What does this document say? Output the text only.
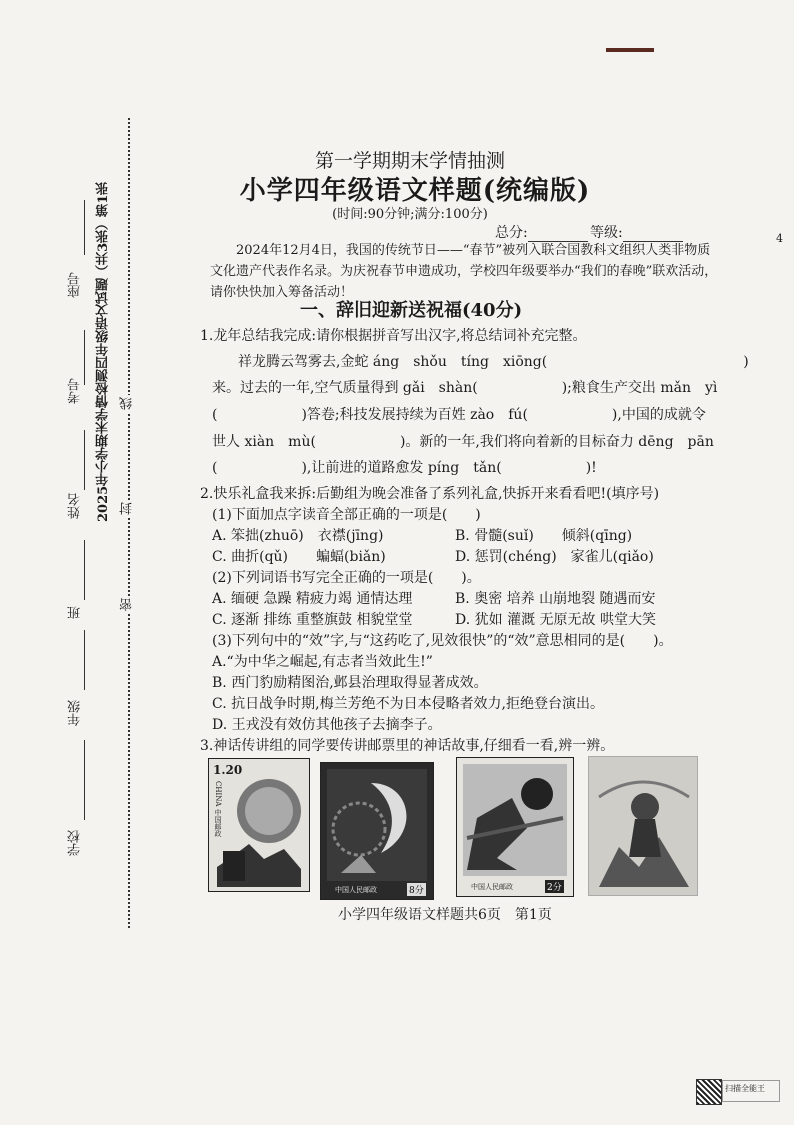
2025年小学期末学情检测四年级语文试题（共3张）第1张 线
封
密
座号
考号
姓名
班
年级
学校
第一学期期末学情抽测
小学四年级语文样题(统编版)
(时间:90分钟;满分:100分)
总分:	等级:	4
2024年12月4日，我国的传统节日——“春节”被列入联合国教科文组织人类非物质文化遗产代表作名录。为庆祝春节申遗成功，学校四年级要举办“我们的春晚”联欢活动，请你快快加入筹备活动！
一、辞旧迎新送祝福(40分)
1.龙年总结我完成:请你根据拼音写出汉字,将总结词补充完整。
祥龙腾云驾雾去,金蛇 áng　shǒu　tíng　xiōng(　　　　　　　　　　　　　　)
来。过去的一年,空气质量得到 gǎi　shàn(　　　　　　);粮食生产交出 mǎn　yì
(　　　　　　)答卷;科技发展持续为百姓 zào　fú(　　　　　　),中国的成就令
世人 xiàn　mù(　　　　　　)。新的一年,我们将向着新的目标奋力 dēng　pān
(　　　　　　),让前进的道路愈发 píng　tǎn(　　　　　　)!
2.快乐礼盒我来拆:后勤组为晚会准备了系列礼盒,快拆开来看看吧!(填序号)
(1)下面加点字读音全部正确的一项是(　　)
A. 笨拙(zhuō)　衣襟(jīng)	B. 骨髓(suǐ)　　倾斜(qīng)
C. 曲折(qǔ)　　蝙蝠(biǎn)	D. 惩罚(chéng)　家雀儿(qiǎo)
(2)下列词语书写完全正确的一项是(　　)。
A. 缅硬 急躁 精疲力竭 通情达理	B. 奥密 培养 山崩地裂 随遇而安
C. 逐渐 排练 重整旗鼓 相貌堂堂	D. 犹如 灌溉 无原无故 哄堂大笑
(3)下列句中的“效”字,与“这药吃了,见效很快”的“效”意思相同的是(　　)。
A.“为中华之崛起,有志者当效此生!”
B. 西门豹励精图治,邺县治理取得显著成效。
C. 抗日战争时期,梅兰芳绝不为日本侵略者效力,拒绝登台演出。
D. 王戎没有效仿其他孩子去摘李子。
3.神话传讲组的同学要传讲邮票里的神话故事,仔细看一看,辨一辨。
1.20
CHINA 中国邮政
中国人民邮政	8分	中国人民邮政	2分
小学四年级语文样题共6页　第1页
扫描全能王
